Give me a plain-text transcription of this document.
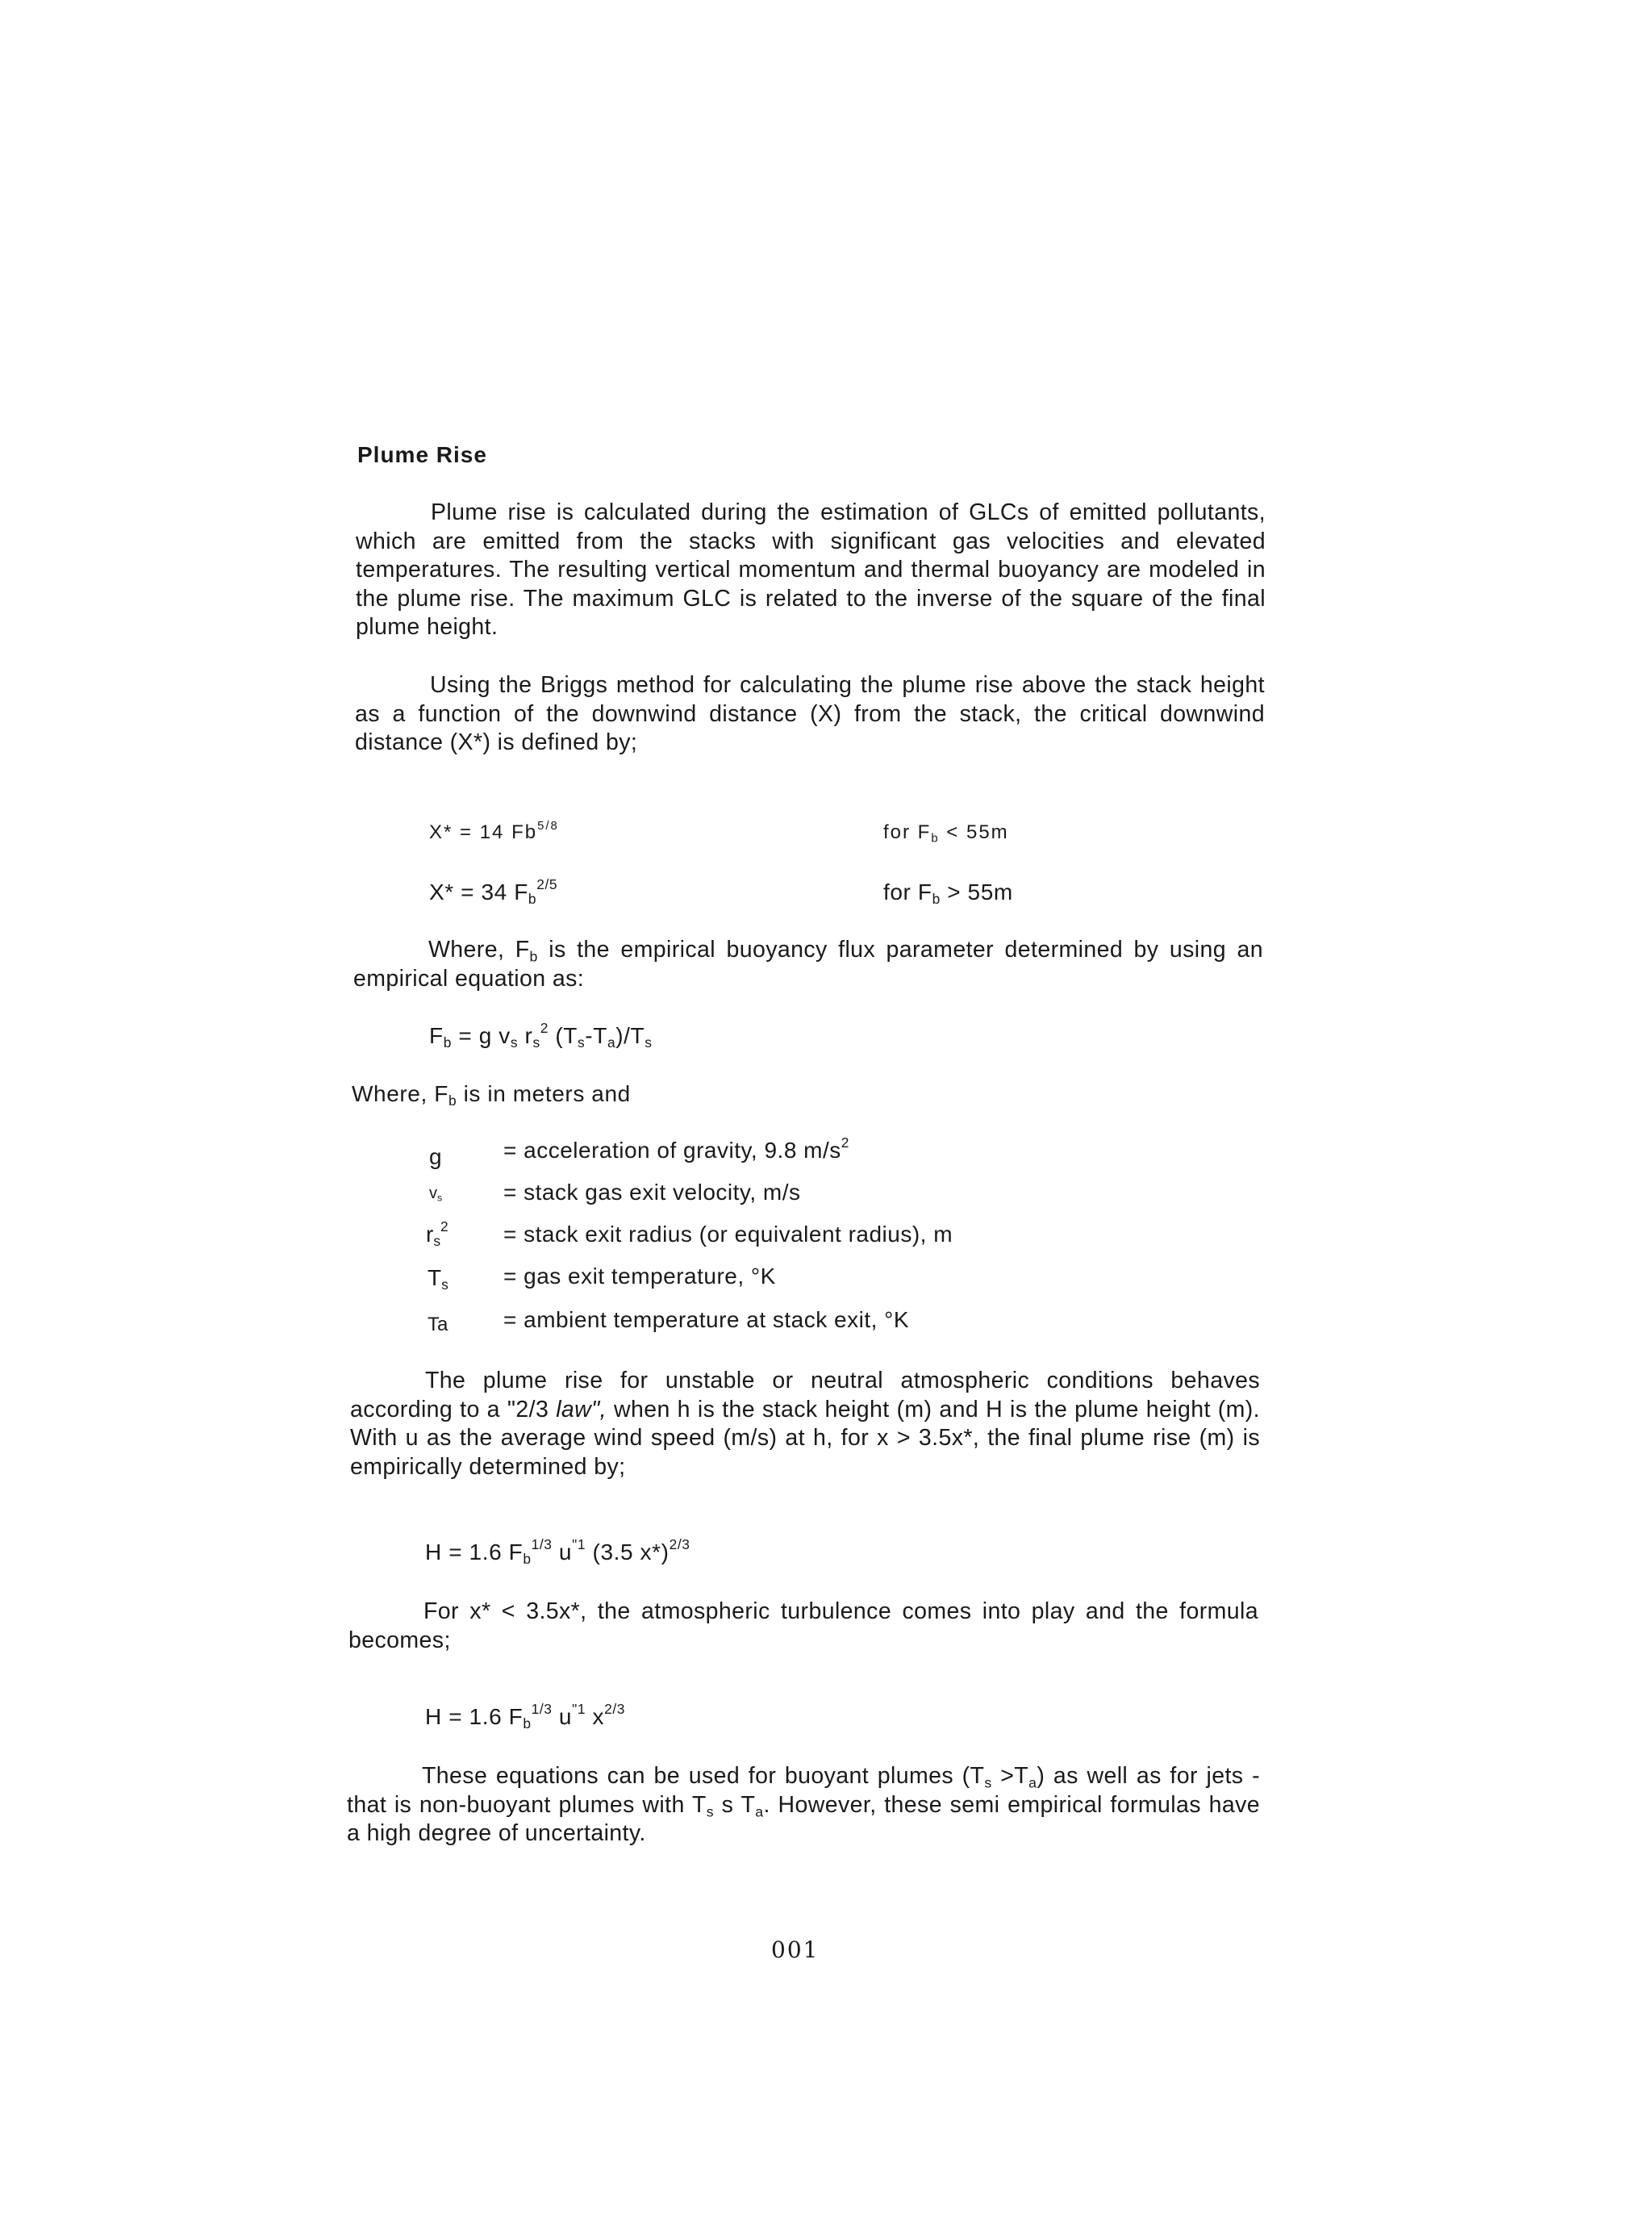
Plume Rise
Plume rise is calculated during the estimation of GLCs of emitted pollutants, which are emitted from the stacks with significant gas velocities and elevated temperatures. The resulting vertical momentum and thermal buoyancy are modeled in the plume rise. The maximum GLC is related to the inverse of the square of the final plume height.
Using the Briggs method for calculating the plume rise above the stack height as a function of the downwind distance (X) from the stack, the critical downwind distance (X*) is defined by;
X* = 14 $Fb^{5/8}$	for $F_b < 55m$
X* = 34 $F_b^{2/5}$	for $F_b > 55m$
Where, $F_b$ is the empirical buoyancy flux parameter determined by using an empirical equation as:
$F_b = g$ $v_s$ $r_s^2$ $(T_s-T_a)/T_s$
Where, $F_b$ is in meters and
g	= acceleration of gravity, 9.8 $m/s^2$
$v_s$	= stack gas exit velocity, m/s
$r_s^2$ = stack exit radius (or equivalent radius), m
$T_s$ = gas exit temperature, °K
Ta = ambient temperature at stack exit, °K
The plume rise for unstable or neutral atmospheric conditions behaves according to a "2/3 law", when h is the stack height (m) and H is the plume height (m). With u as the average wind speed (m/s) at h, for x > 3.5x*, the final plume rise (m) is empirically determined by;
H = 1.6 $F_b^{1/3}$ $u^{"1}$ (3.5 x*)$^{2/3}$
For x* < 3.5x*, the atmospheric turbulence comes into play and the formula becomes;
H = 1.6 $F_b^{1/3}$ $u^{"1}$ $x^{2/3}$
These equations can be used for buoyant plumes $(T_s >T_a)$ as well as for jets - that is non-buoyant plumes with $T_s$ s $T_a$. However, these semi empirical formulas have a high degree of uncertainty.
001
